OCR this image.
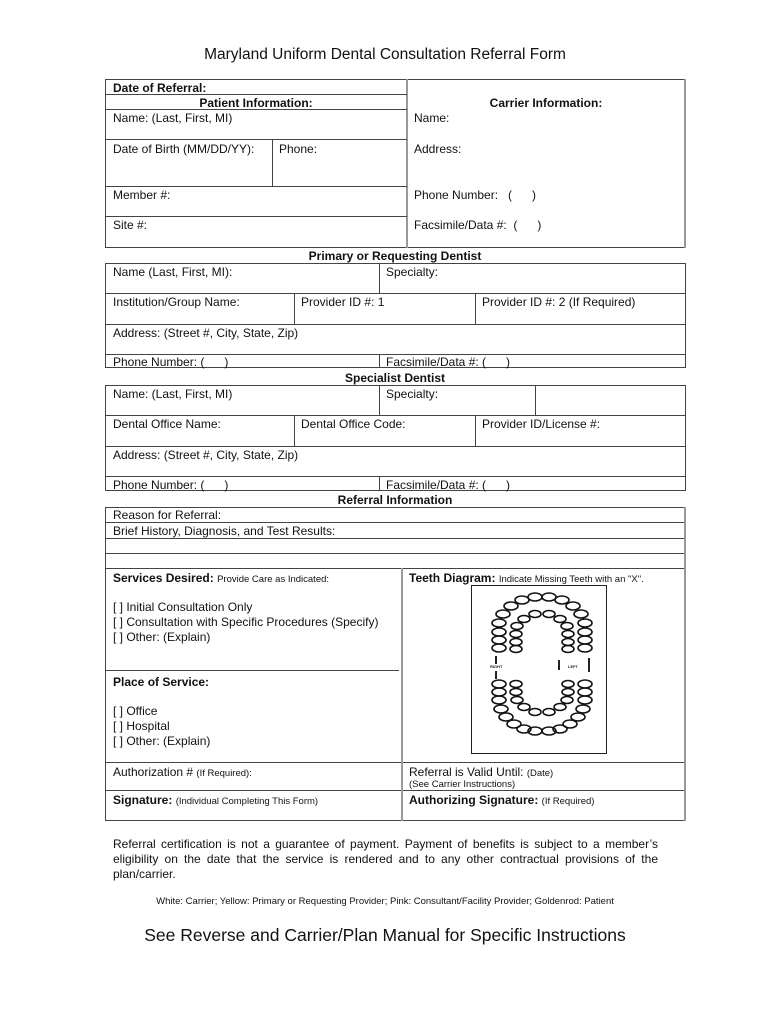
Maryland Uniform Dental Consultation Referral Form
Date of Referral:
Patient Information:
Name: (Last, First, MI)
Date of Birth (MM/DD/YY): Phone:
Member #:
Site #:
Carrier Information:
Name:
Address:
Phone Number:   (      )
Facsimile/Data #:  (      )
Primary or Requesting Dentist
Name (Last, First, MI):	Specialty:
Institution/Group Name:	Provider ID #: 1	Provider ID #: 2 (If Required)
Address: (Street #, City, State, Zip)
Phone Number: (      )	Facsimile/Data #: (      )
Specialist Dentist
Name: (Last, First, MI)	Specialty:
Dental Office Name:	Dental Office Code:	Provider ID/License #:
Address: (Street #, City, State, Zip)
Phone Number: (      )	Facsimile/Data #: (      )
Referral Information
Reason for Referral:
Brief History, Diagnosis, and Test Results:
Services Desired: Provide Care as Indicated:
[ ] Initial Consultation Only
[ ] Consultation with Specific Procedures (Specify)
[ ] Other: (Explain)
Place of Service:
[ ] Office
[ ] Hospital
[ ] Other: (Explain)
Teeth Diagram: Indicate Missing Teeth with an "X".
RIGHT	LEFT
Authorization # (If Required):	Referral is Valid Until: (Date)
(See Carrier Instructions)
Signature: (Individual Completing This Form)	Authorizing Signature: (If Required)
Referral certification is not a guarantee of payment. Payment of benefits is subject to a member’s eligibility on the date that the service is rendered and to any other contractual provisions of the plan/carrier.
White: Carrier; Yellow: Primary or Requesting Provider; Pink: Consultant/Facility Provider; Goldenrod: Patient
See Reverse and Carrier/Plan Manual for Specific Instructions
